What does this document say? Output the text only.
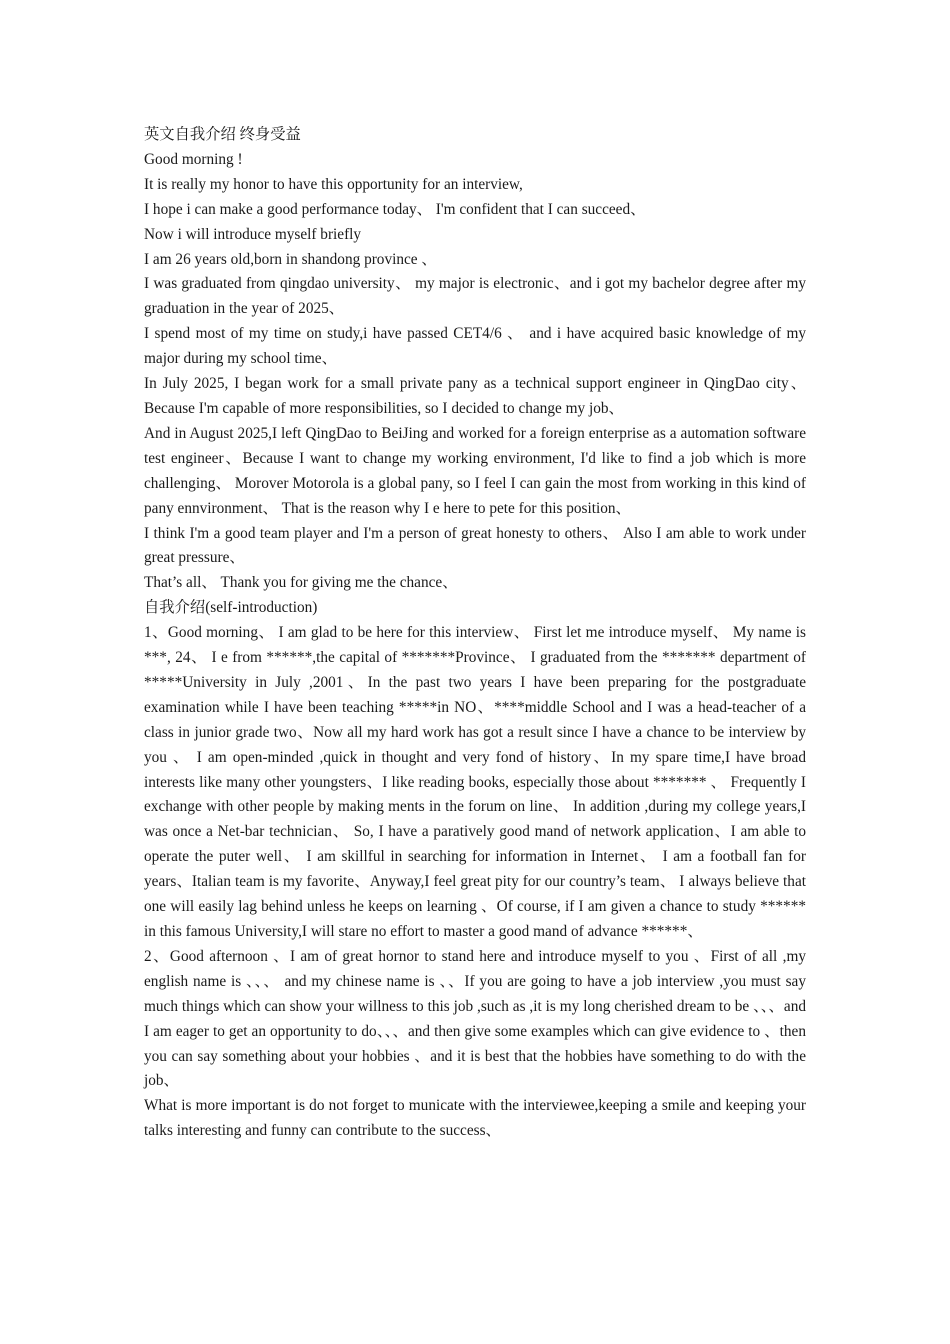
英文自我介绍 终身受益

Good morning !

It is really my honor to have this opportunity for an interview,

I hope i can make a good performance today、 I'm confident that I can succeed、

Now i will introduce myself briefly

I am 26 years old,born in shandong province 、

I was graduated from qingdao university、 my major is electronic、and i got my bachelor degree after my graduation in the year of 2025、

I spend most of my time on study,i have passed CET4/6 、 and i have acquired basic knowledge of my major during my school time、

In July 2025, I began work for a small private pany as a technical support engineer in QingDao city、Because I'm capable of more responsibilities, so I decided to change my job、

And in August 2025,I left QingDao to BeiJing and worked for a foreign enterprise as a automation software test engineer、Because I want to change my working environment, I'd like to find a job which is more challenging、 Morover Motorola is a global pany, so I feel I can gain the most from working in this kind of pany ennvironment、 That is the reason why I e here to pete for this position、

I think I'm a good team player and I'm a person of great honesty to others、 Also I am able to work under great pressure、

That’s all、 Thank you for giving me the chance、

自我介绍(self-introduction)

1、Good morning、 I am glad to be here for this interview、 First let me introduce myself、 My name is ***, 24、 I e from ******,the capital of *******Province、 I graduated from the ******* department of *****University in July ,2001、In the past two years I have been preparing for the postgraduate examination while I have been teaching *****in NO、****middle School and I was a head-teacher of a class in junior grade two、Now all my hard work has got a result since I have a chance to be interview by you 、 I am open-minded ,quick in thought and very fond of history、In my spare time,I have broad interests like many other youngsters、I like reading books, especially those about ******* 、 Frequently I exchange with other people by making ments in the forum on line、 In addition ,during my college years,I was once a Net-bar technician、 So, I have a paratively good mand of network application、I am able to operate the puter well、 I am skillful in searching for information in Internet、 I am a football fan for years、Italian team is my favorite、Anyway,I feel great pity for our country’s team、 I always believe that one will easily lag behind unless he keeps on learning 、Of course, if I am given a chance to study ****** in this famous University,I will stare no effort to master a good mand of advance ******、

2、Good afternoon 、I am of great hornor to stand here and introduce myself to you 、First of all ,my english name is 、、、 and my chinese name is 、、If you are going to have a job interview ,you must say much things which can show your willness to this job ,such as ,it is my long cherished dream to be 、、、and I am eager to get an opportunity to do、、、and then give some examples which can give evidence to 、then you can say something about your hobbies 、and it is best that the hobbies have something to do with the job、

What is more important is do not forget to municate with the interviewee,keeping a smile and keeping your talks interesting and funny can contribute to the success、
